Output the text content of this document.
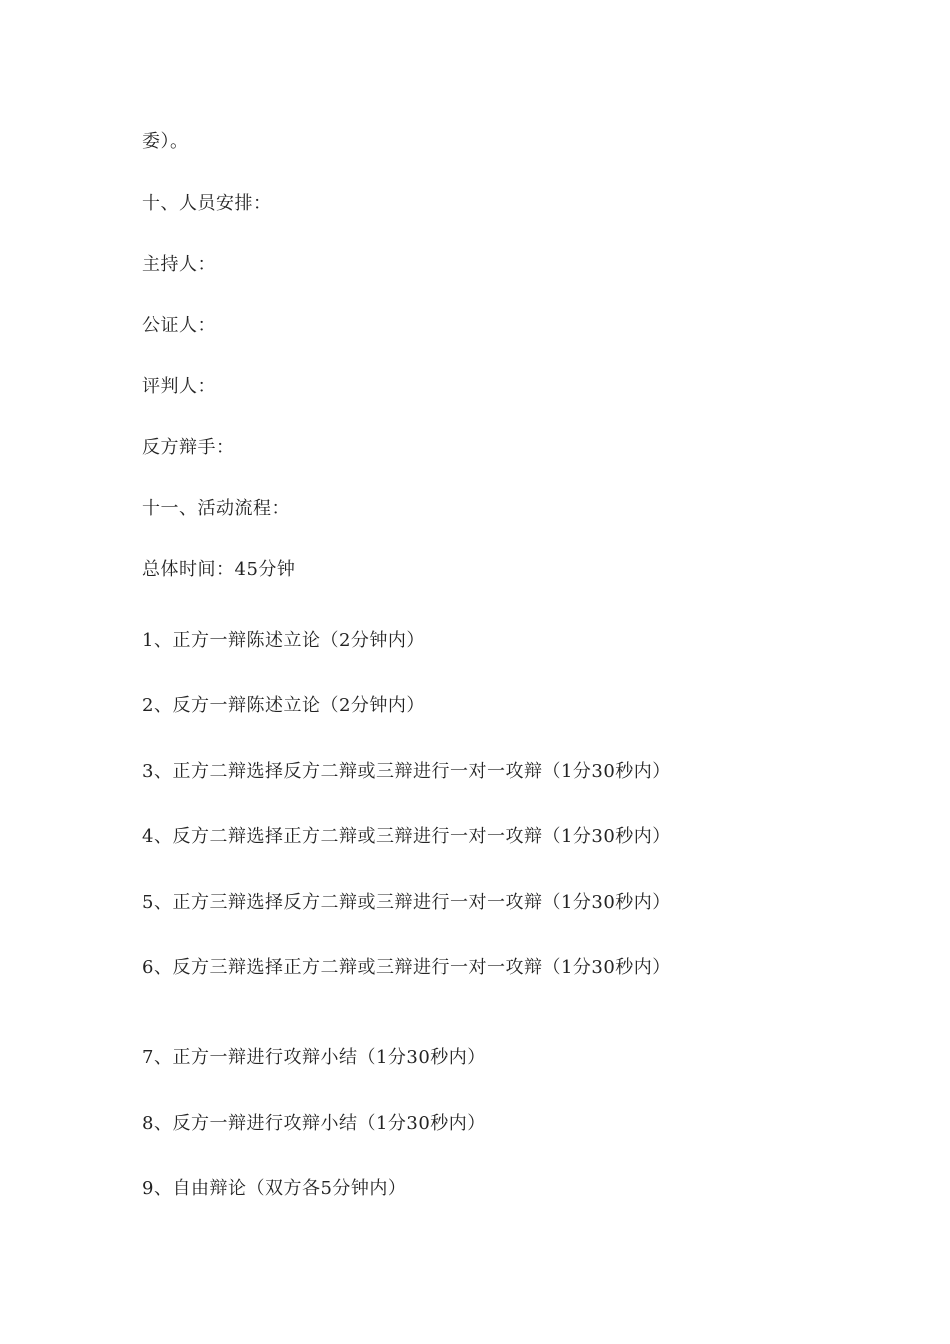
委）。
十、人员安排：
主持人：
公证人：
评判人：
反方辩手：
十一、活动流程：
总体时间：45分钟
1、正方一辩陈述立论（2分钟内）
2、反方一辩陈述立论（2分钟内）
3、正方二辩选择反方二辩或三辩进行一对一攻辩（1分30秒内）
4、反方二辩选择正方二辩或三辩进行一对一攻辩（1分30秒内）
5、正方三辩选择反方二辩或三辩进行一对一攻辩（1分30秒内）
6、反方三辩选择正方二辩或三辩进行一对一攻辩（1分30秒内）
7、正方一辩进行攻辩小结（1分30秒内）
8、反方一辩进行攻辩小结（1分30秒内）
9、自由辩论（双方各5分钟内）
